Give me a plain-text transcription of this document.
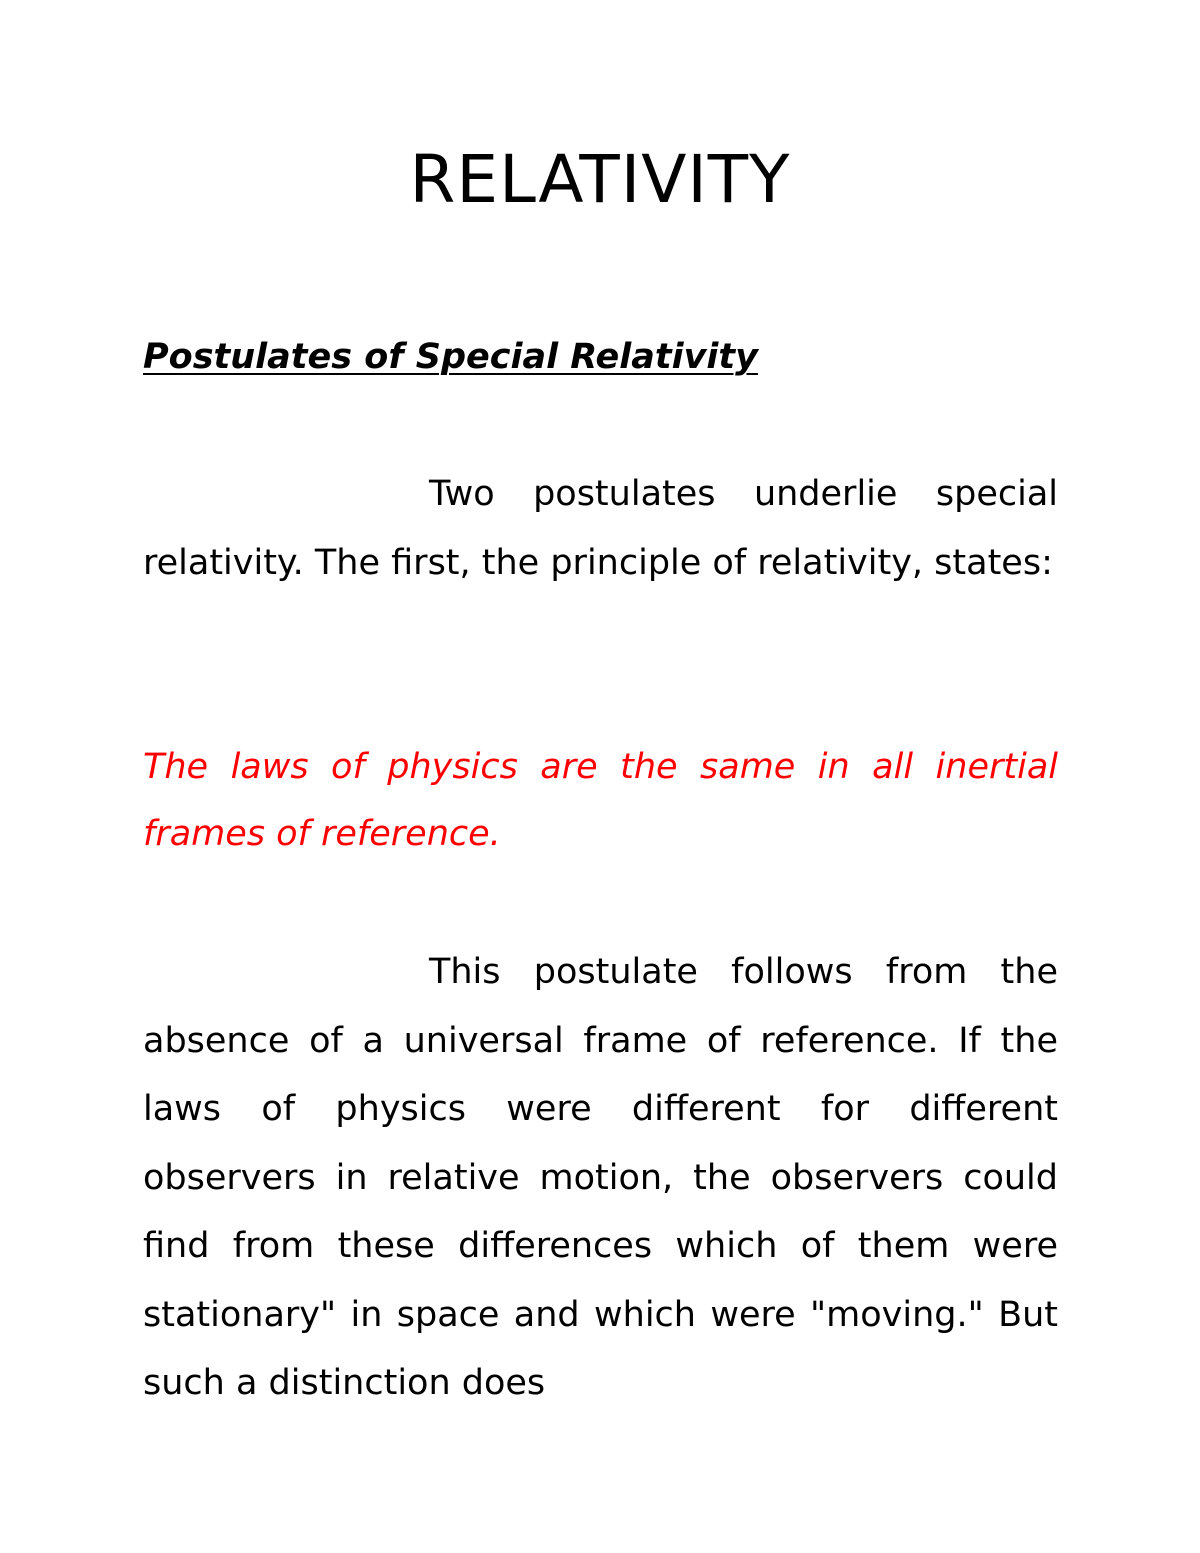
RELATIVITY
Postulates of Special Relativity

Two postulates underlie special relativity. The first, the principle of relativity, states:

The laws of physics are the same in all inertial frames of reference.

This postulate follows from the absence of a universal frame of reference. If the laws of physics were different for different observers in relative motion, the observers could find from these differences which of them were stationary" in space and which were "moving." But such a distinction does
